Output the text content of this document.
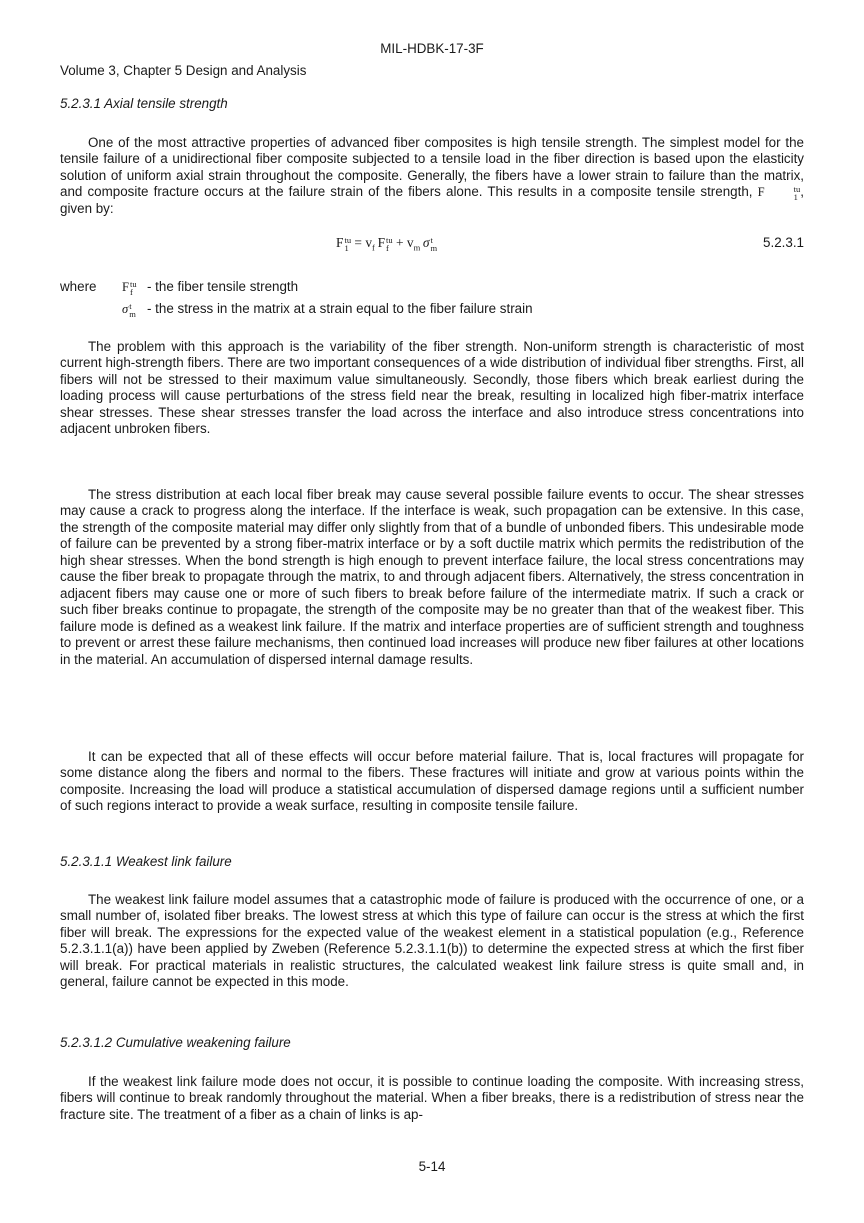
MIL-HDBK-17-3F
Volume 3, Chapter 5 Design and Analysis
5.2.3.1 Axial tensile strength

One of the most attractive properties of advanced fiber composites is high tensile strength. The simplest model for the tensile failure of a unidirectional fiber composite subjected to a tensile load in the fiber direction is based upon the elasticity solution of uniform axial strain throughout the composite. Generally, the fibers have a lower strain to failure than the matrix, and composite fracture occurs at the failure strain of the fibers alone. This results in a composite tensile strength, F	tu
1 , given by:

F tu
$1 = v_f$  F tu
$f + v_m$  σ t
m	5.2.3.1
where F tu
f - the fiber tensile strength
σ t
m - the stress in the matrix at a strain equal to the fiber failure strain

The problem with this approach is the variability of the fiber strength. Non-uniform strength is characteristic of most current high-strength fibers. There are two important consequences of a wide distribution of individual fiber strengths. First, all fibers will not be stressed to their maximum value simultaneously. Secondly, those fibers which break earliest during the loading process will cause perturbations of the stress field near the break, resulting in localized high fiber-matrix interface shear stresses. These shear stresses transfer the load across the interface and also introduce stress concentrations into adjacent unbroken fibers.

The stress distribution at each local fiber break may cause several possible failure events to occur. The shear stresses may cause a crack to progress along the interface. If the interface is weak, such propagation can be extensive. In this case, the strength of the composite material may differ only slightly from that of a bundle of unbonded fibers. This undesirable mode of failure can be prevented by a strong fiber-matrix interface or by a soft ductile matrix which permits the redistribution of the high shear stresses. When the bond strength is high enough to prevent interface failure, the local stress concentrations may cause the fiber break to propagate through the matrix, to and through adjacent fibers. Alternatively, the stress concentration in adjacent fibers may cause one or more of such fibers to break before failure of the intermediate matrix. If such a crack or such fiber breaks continue to propagate, the strength of the composite may be no greater than that of the weakest fiber. This failure mode is defined as a weakest link failure. If the matrix and interface properties are of sufficient strength and toughness to prevent or arrest these failure mechanisms, then continued load increases will produce new fiber failures at other locations in the material. An accumulation of dispersed internal damage results.

It can be expected that all of these effects will occur before material failure. That is, local fractures will propagate for some distance along the fibers and normal to the fibers. These fractures will initiate and grow at various points within the composite. Increasing the load will produce a statistical accumulation of dispersed damage regions until a sufficient number of such regions interact to provide a weak surface, resulting in composite tensile failure.

5.2.3.1.1 Weakest link failure

The weakest link failure model assumes that a catastrophic mode of failure is produced with the occurrence of one, or a small number of, isolated fiber breaks. The lowest stress at which this type of failure can occur is the stress at which the first fiber will break. The expressions for the expected value of the weakest element in a statistical population (e.g., Reference 5.2.3.1.1(a)) have been applied by Zweben (Reference 5.2.3.1.1(b)) to determine the expected stress at which the first fiber will break. For practical materials in realistic structures, the calculated weakest link failure stress is quite small and, in general, failure cannot be expected in this mode.

5.2.3.1.2 Cumulative weakening failure

If the weakest link failure mode does not occur, it is possible to continue loading the composite. With increasing stress, fibers will continue to break randomly throughout the material. When a fiber breaks, there is a redistribution of stress near the fracture site. The treatment of a fiber as a chain of links is ap-

5-14
